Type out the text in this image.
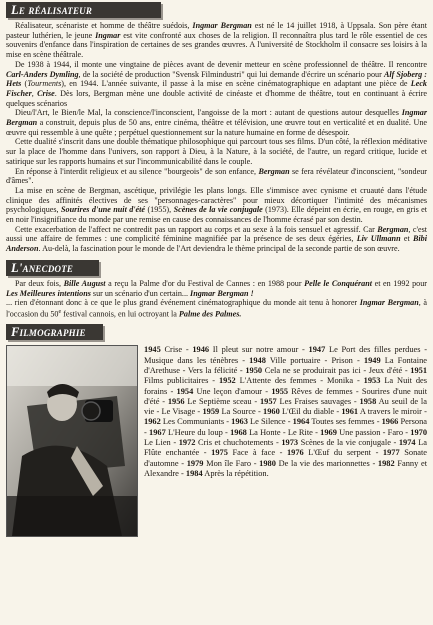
Le réalisateur

Réalisateur, scénariste et homme de théâtre suédois, Ingmar Bergman est né le 14 juillet 1918, à Uppsala. Son père étant pasteur luthérien, le jeune Ingmar est vite confronté aux choses de la religion. Il reconnaîtra plus tard le rôle essentiel de ces souvenirs d'enfance dans l'inspiration de certaines de ses grandes œuvres. A l'université de Stockholm il consacre ses loisirs à la mise en scène théâtrale.

De 1938 à 1944, il monte une vingtaine de pièces avant de devenir metteur en scène professionnel de théâtre. Il rencontre Carl-Anders Dymling, de la société de production "Svensk Filmindustri" qui lui demande d'écrire un scénario pour Alf Sjoberg : Hets (Tourments), en 1944. L'année suivante, il passe à la mise en scène cinématographique en adaptant une pièce de Leck Fischer, Crise. Dès lors, Bergman mène une double activité de cinéaste et d'homme de théâtre, tout en continuant à écrire quelques scénarios

Dieu/l'Art, le Bien/le Mal, la conscience/l'inconscient, l'angoisse de la mort : autant de questions autour desquelles Ingmar Bergman a construit, depuis plus de 50 ans, entre cinéma, théâtre et télévision, une œuvre tout en verticalité et en dualité. Une œuvre qui ressemble à une quête ; perpétuel questionnement sur la nature humaine en forme de désespoir.

Cette dualité s'inscrit dans une double thématique philosophique qui parcourt tous ses films. D'un côté, la réflexion méditative sur la place de l'homme dans l'univers, son rapport à Dieu, à la Nature, à la société, de l'autre, un regard critique, lucide et satirique sur les rapports humains et sur l'incommunicabilité dans le couple.

En réponse à l'interdit religieux et au silence "bourgeois" de son enfance, Bergman se fera révélateur d'inconscient, "sondeur d'âmes".

La mise en scène de Bergman, ascétique, privilégie les plans longs. Elle s'immisce avec cynisme et cruauté dans l'étude clinique des affinités électives de ses "personnages-caractères" pour mieux décortiquer l'intimité des mécanismes psychologiques, Sourires d'une nuit d'été (1955), Scènes de la vie conjugale (1973). Elle dépeint en écrie, en rouge, en gris et en noir l'insignifiance du monde par une remise en cause des connaissances de l'homme écrasé par son destin.

Cette exacerbation de l'affect ne contredit pas un rapport au corps et au sexe à la fois sensuel et agressif. Car Bergman, c'est aussi une affaire de femmes : une complicité féminine magnifiée par la présence de ses deux égéries, Liv Ullmann et Bibi Anderson. Au-delà, la fascination pour le monde de l'Art deviendra le thème principal de la seconde partie de son œuvre.

L'anecdote

Par deux fois, Bille August a reçu la Palme d'or du Festival de Cannes : en 1988 pour Pelle le Conquérant et en 1992 pour Les Meilleures intentions sur un scénario d'un certain... Ingmar Bergman !

... rien d'étonnant donc à ce que le plus grand événement cinématographique du monde ait tenu à honorer Ingmar Bergman, à l'occasion du 50e festival cannois, en lui octroyant la Palme des Palmes.

Filmographie
1945 Crise - 1946 Il pleut sur notre amour - 1947 Le Port des filles perdues - Musique dans les ténèbres - 1948 Ville portuaire - Prison - 1949 La Fontaine d'Arethuse - Vers la félicité - 1950 Cela ne se produirait pas ici - Jeux d'été - 1951 Films publicitaires - 1952 L'Attente des femmes - Monika - 1953 La Nuit des forains - 1954 Une leçon d'amour - 1955 Rêves de femmes - Sourires d'une nuit d'été - 1956 Le Septième sceau - 1957 Les Fraises sauvages - 1958 Au seuil de la vie - Le Visage - 1959 La Source - 1960 L'Œil du diable - 1961 A travers le miroir - 1962 Les Communiants - 1963 Le Silence - 1964 Toutes ses femmes - 1966 Persona - 1967 L'Heure du loup - 1968 La Honte - Le Rite - 1969 Une passion - Faro - 1970 Le Lien - 1972 Cris et chuchotements - 1973 Scènes de la vie conjugale - 1974 La Flûte enchantée - 1975 Face à face - 1976 L'Œuf du serpent - 1977 Sonate d'automne - 1979 Mon île Faro - 1980 De la vie des marionnettes - 1982 Fanny et Alexandre - 1984 Après la répétition.
